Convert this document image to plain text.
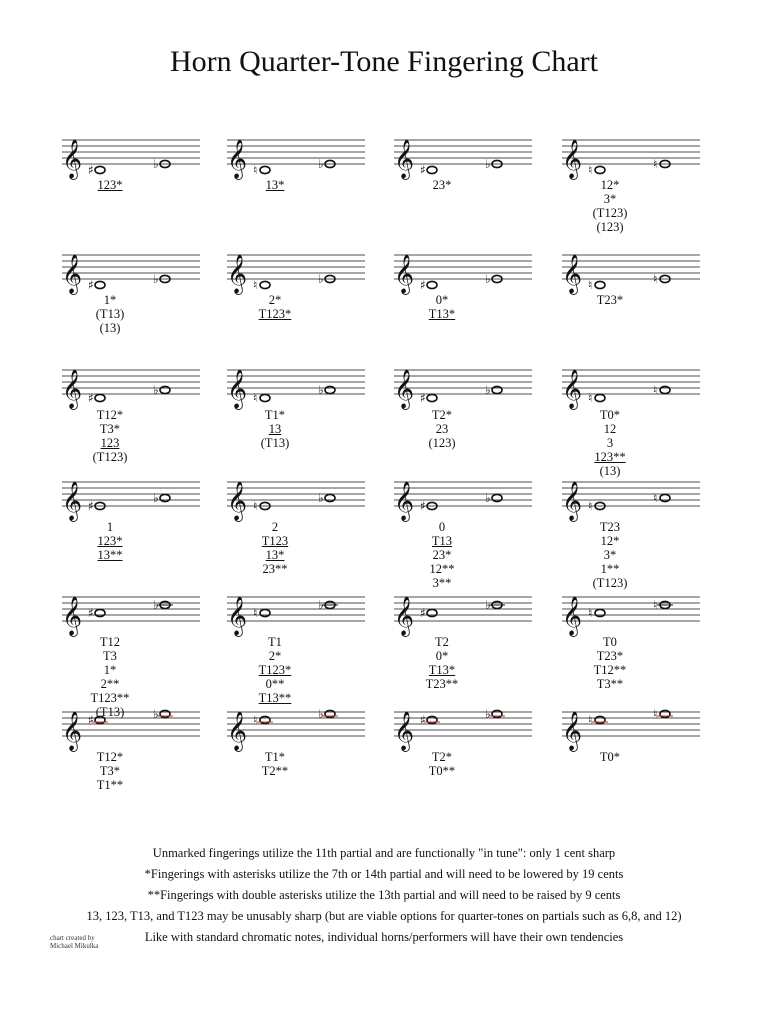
Horn Quarter-Tone Fingering Chart
𝄞 ♯	♭
123*
𝄞 ♮	♭
13*
𝄞 ♯	♭
23*
𝄞 ♮	♮
12*
3*
(T123)
(123)
𝄞 ♯	♭
1*
(T13)
(13)
𝄞 ♮	♭
2*
T123*
𝄞 ♯	♭
0*
T13*
𝄞 ♮	♮
T23*
𝄞 ♯
♭
T12*
T3*
123
(T123)
𝄞 ♮
♭
T1*
13
(T13)
𝄞 ♯
♭
T2*
23
(123)
𝄞 ♮
♮
T0*
12
3
123**
(13)
𝄞 ♯
♭
1
123*
13**
𝄞 ♮
♭
2
T123
13*
23**
𝄞 ♯
♭
0
T13
23*
12**
3**
𝄞 ♮
♮
T23
12*
3*
1**
(T123)
𝄞 ♯
♭
T12
T3
1*
2**
T123**
(T13)
𝄞 ♮
♭
T1
2*
T123*
0**
T13**
𝄞 ♯
♭
T2
0*
T13*
T23**
𝄞 ♮
♮
T0
T23*
T12**
T3**
𝄞 ♯	♭
T12*
T3*
T1**
𝄞 ♮	♭
T1*
T2**
𝄞 ♯	♭
T2*
T0**
𝄞 ♮	♮
T0*
Unmarked fingerings utilize the 11th partial and are functionally "in tune": only 1 cent sharp
*Fingerings with asterisks utilize the 7th or 14th partial and will need to be lowered by 19 cents
**Fingerings with double asterisks utilize the 13th partial and will need to be raised by 9 cents
13, 123, T13, and T123 may be unusably sharp (but are viable options for quarter-tones on partials such as 6,8, and 12)
Like with standard chromatic notes, individual horns/performers will have their own tendencies
chart created by
Michael Mikulka
